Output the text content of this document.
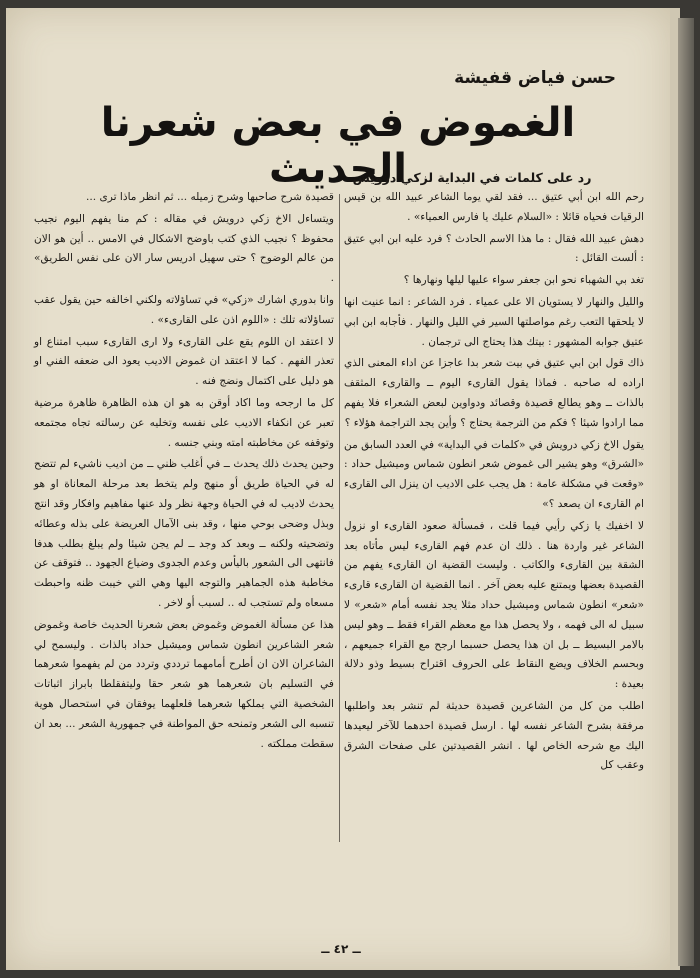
حسن فياض قفيشة
الغموض في بعض شعرنا الحديث
رد على كلمات في البداية لزكي درويش

رحم الله ابن أبي عتيق ... فقد لقي يوما الشاعر عبيد الله بن قيس الرقيات فحياه قائلا : «السلام عليك يا فارس العمياء» .

دهش عبيد الله فقال : ما هذا الاسم الحادث ؟ فرد عليه ابن ابي عتيق : ألست القائل :

تغد بي الشهباء نحو ابن جعفر سواء عليها ليلها ونهارها ؟

والليل والنهار لا يستويان الا على عمياء . فرد الشاعر : انما عنيت انها لا يلحقها التعب رغم مواصلتها السير في الليل والنهار . فأجابه ابن ابي عتيق جوابه المشهور : بيتك هذا يحتاج الى ترجمان .

ذاك قول ابن ابي عتيق في بيت شعر بدا عاجزا عن اداء المعنى الذي اراده له صاحبه . فماذا يقول القارىء اليوم ــ والقارىء المثقف بالذات ــ وهو يطالع قصيدة وقصائد ودواوين لبعض الشعراء فلا يفهم مما ارادوا شيئا ؟ فكم من الترجمة يحتاج ؟ وأين يجد التراجمة هؤلاء ؟

يقول الاخ زكي درويش في «كلمات في البداية» في العدد السابق من «الشرق» وهو يشير الى غموض شعر انطون شماس وميشيل حداد : «وقعت في مشكلة عامة : هل يجب على الاديب ان ينزل الى القارىء ام القارىء ان يصعد ؟»

لا اخفيك يا زكي رأيي فيما قلت ، فمسألة صعود القارىء او نزول الشاعر غير واردة هنا . ذلك ان عدم فهم القارىء ليس مأتاه بعد الشقة بين القارىء والكاتب . وليست القضية ان القارىء يفهم من القصيدة بعضها ويمتنع عليه بعض آخر . انما القضية ان القارىء قارىء «شعر» انطون شماس وميشيل حداد مثلا يجد نفسه أمام «شعر» لا سبيل له الى فهمه ، ولا يحصل هذا مع معظم القراء فقط ــ وهو ليس بالامر البسيط ــ بل ان هذا يحصل حسبما ارجح مع القراء جميعهم ، وبحسم الخلاف ويضع النقاط على الحروف اقتراح بسيط وذو دلالة بعيدة :

اطلب من كل من الشاعرين قصيدة حديثة لم تنشر بعد واطلبها مرفقة بشرح الشاعر نفسه لها . ارسل قصيدة احدهما للآخر ليعيدها اليك مع شرحه الخاص لها . انشر القصيدتين على صفحات الشرق وعقب كل

قصيدة شرح صاحبها وشرح زميله ... ثم انظر ماذا ترى ...

ويتساءل الاخ زكي درويش في مقاله : كم منا يفهم اليوم نجيب محفوظ ؟ نجيب الذي كتب باوضح الاشكال في الامس .. أين هو الان من عالم الوضوح ؟ حتى سهيل ادريس سار الان على نفس الطريق» .

وانا بدوري اشارك «زكي» في تساؤلاته ولكني اخالفه حين يقول عقب تساؤلاته تلك : «اللوم اذن على القارىء» .

لا اعتقد ان اللوم يقع على القارىء ولا ارى القارىء سبب امتناع او تعذر الفهم . كما لا اعتقد ان غموض الاديب يعود الى ضعفه الفني او هو دليل على اكتمال ونضج فنه .

كل ما ارجحه وما اكاد أوقن به هو ان هذه الظاهرة ظاهرة مرضية تعبر عن انكفاء الاديب على نفسه وتخليه عن رسالته تجاه مجتمعه وتوقفه عن مخاطبته امته وبني جنسه .

وحين يحدث ذلك يحدث ــ في أغلب ظني ــ من اديب ناشيء لم تتضح له في الحياة طريق أو منهج ولم يتخط بعد مرحلة المعاناة او هو يحدث لاديب له في الحياة وجهة نظر ولد عنها مفاهيم وافكار وقد انتج وبذل وضحى بوحي منها ، وقد بنى الآمال العريضة على بذله وعطائه وتضحيته ولكنه ــ وبعد كد وجد ــ لم يجن شيئا ولم يبلغ بطلب هدفا فانتهى الى الشعور باليأس وعدم الجدوى وضياع الجهود .. فتوقف عن مخاطبة هذه الجماهير والتوجه اليها وهي التي خيبت ظنه واحبطت مسعاه ولم تستجب له .. لسبب أو لاخر .

هذا عن مسألة الغموض وغموض بعض شعرنا الحديث خاصة وغموض شعر الشاعرين انطون شماس وميشيل حداد بالذات . وليسمح لي الشاعران الان ان أطرح أمامهما ترددي وتردد من لم يفهموا شعرهما في التسليم بان شعرهما هو شعر حقا وليتفقلطا بابراز اثباتات الشخصية التي يملكها شعرهما فلعلهما يوفقان في استحصال هوية تنسبه الى الشعر وتمنحه حق المواطنة في جمهورية الشعر ... بعد ان سقطت مملكته .

ــ ٤٢ ــ
